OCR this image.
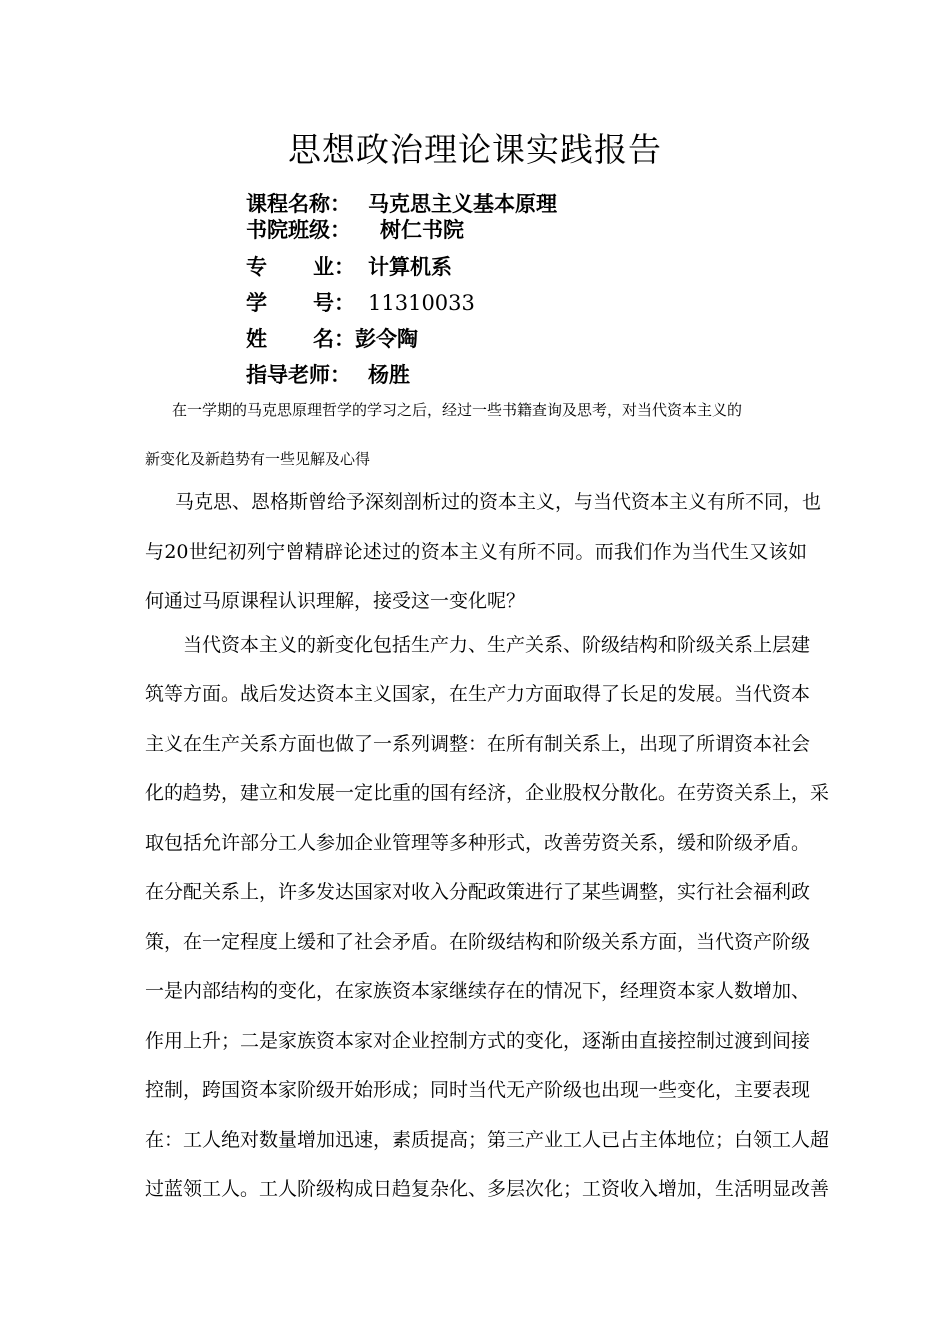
思想政治理论课实践报告
课程名称： 马克思主义基本原理
书院班级： 树仁书院
专 业： 计算机系
学 号： 11310033
姓 名： 彭令陶
指导老师： 杨胜
在一学期的马克思原理哲学的学习之后，经过一些书籍查询及思考，对当代资本主义的
新变化及新趋势有一些见解及心得
马克思、恩格斯曾给予深刻剖析过的资本主义，与当代资本主义有所不同，也
与20世纪初列宁曾精辟论述过的资本主义有所不同。而我们作为当代生又该如
何通过马原课程认识理解，接受这一变化呢？
当代资本主义的新变化包括生产力、生产关系、阶级结构和阶级关系上层建
筑等方面。战后发达资本主义国家，在生产力方面取得了长足的发展。当代资本
主义在生产关系方面也做了一系列调整：在所有制关系上，出现了所谓资本社会
化的趋势，建立和发展一定比重的国有经济，企业股权分散化。在劳资关系上，采
取包括允许部分工人参加企业管理等多种形式，改善劳资关系，缓和阶级矛盾。
在分配关系上，许多发达国家对收入分配政策进行了某些调整，实行社会福利政
策，在一定程度上缓和了社会矛盾。在阶级结构和阶级关系方面，当代资产阶级
一是内部结构的变化，在家族资本家继续存在的情况下，经理资本家人数增加、
作用上升；二是家族资本家对企业控制方式的变化，逐渐由直接控制过渡到间接
控制，跨国资本家阶级开始形成；同时当代无产阶级也出现一些变化，主要表现
在：工人绝对数量增加迅速，素质提高；第三产业工人已占主体地位；白领工人超
过蓝领工人。工人阶级构成日趋复杂化、多层次化；工资收入增加，生活明显改善
